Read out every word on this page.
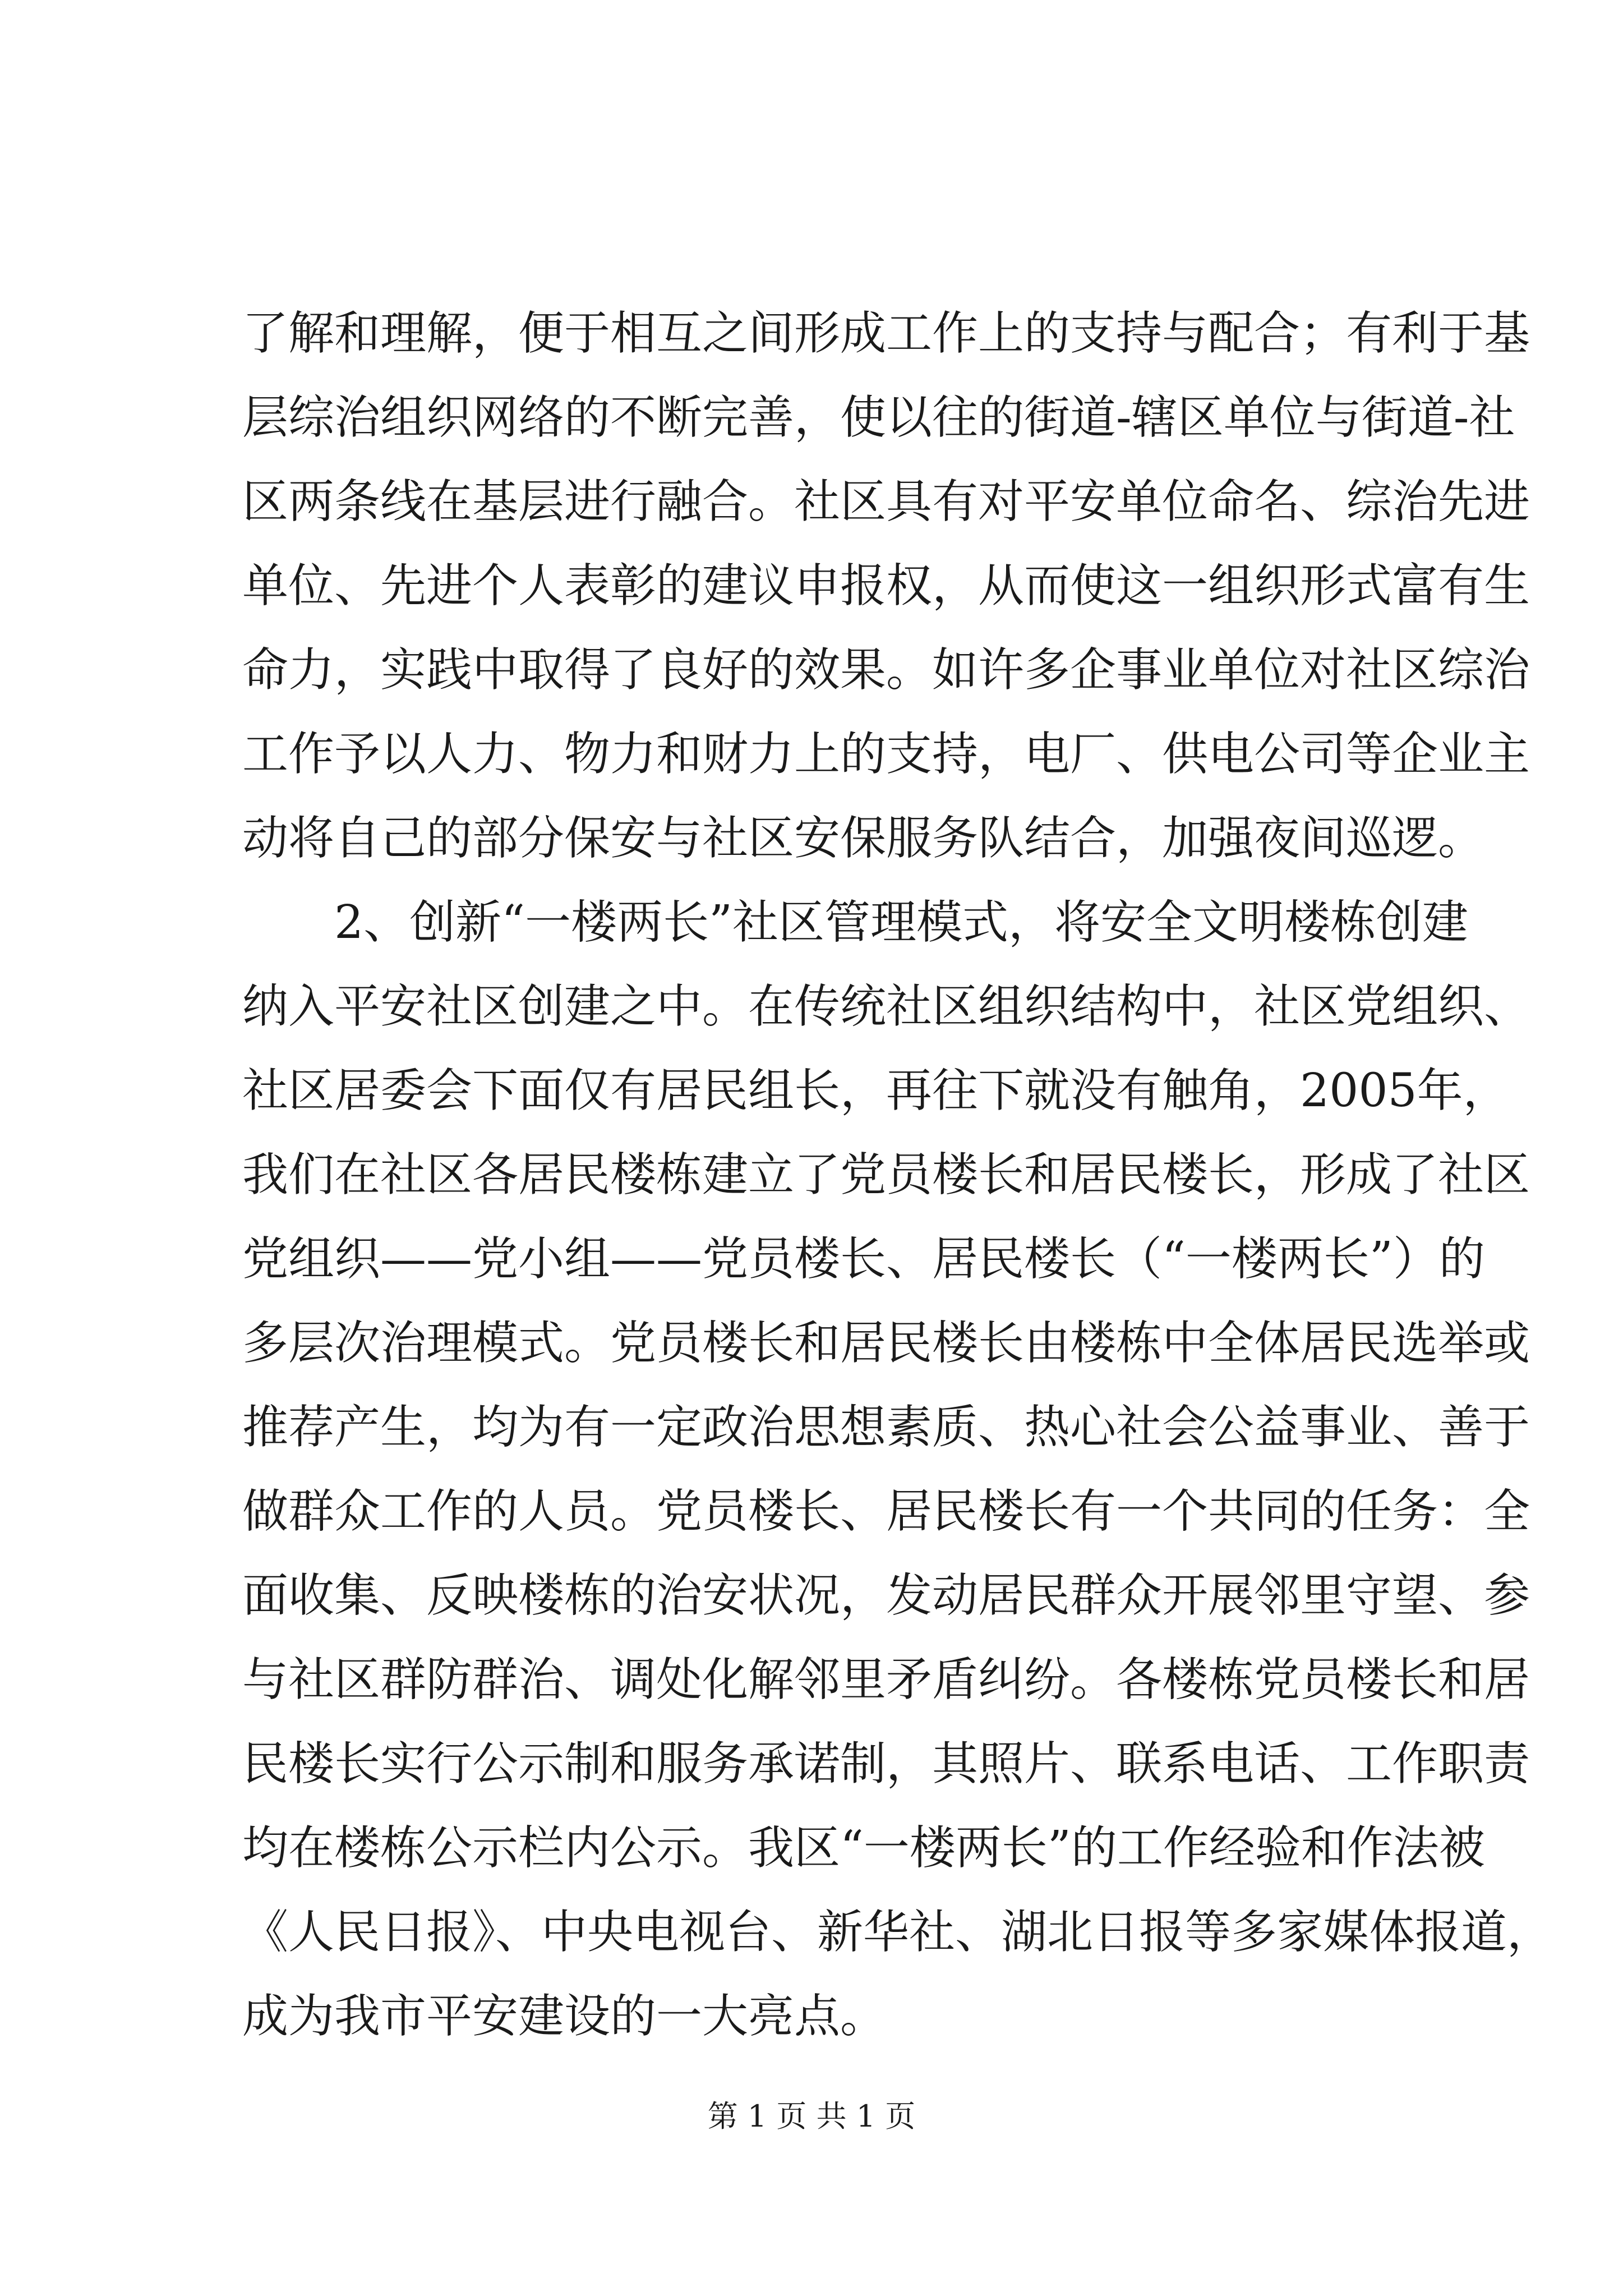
了解和理解，便于相互之间形成工作上的支持与配合；有利于基
层综治组织网络的不断完善，使以往的街道-辖区单位与街道-社
区两条线在基层进行融合。社区具有对平安单位命名、综治先进
单位、先进个人表彰的建议申报权，从而使这一组织形式富有生
命力，实践中取得了良好的效果。如许多企事业单位对社区综治
工作予以人力、物力和财力上的支持，电厂、供电公司等企业主
动将自己的部分保安与社区安保服务队结合，加强夜间巡逻。
　　2、创新“一楼两长”社区管理模式，将安全文明楼栋创建
纳入平安社区创建之中。在传统社区组织结构中，社区党组织、
社区居委会下面仅有居民组长，再往下就没有触角，2005年，
我们在社区各居民楼栋建立了党员楼长和居民楼长，形成了社区
党组织——党小组——党员楼长、居民楼长（“一楼两长”）的
多层次治理模式。党员楼长和居民楼长由楼栋中全体居民选举或
推荐产生，均为有一定政治思想素质、热心社会公益事业、善于
做群众工作的人员。党员楼长、居民楼长有一个共同的任务：全
面收集、反映楼栋的治安状况，发动居民群众开展邻里守望、参
与社区群防群治、调处化解邻里矛盾纠纷。各楼栋党员楼长和居
民楼长实行公示制和服务承诺制，其照片、联系电话、工作职责
均在楼栋公示栏内公示。我区“一楼两长”的工作经验和作法被
《人民日报》、中央电视台、新华社、湖北日报等多家媒体报道，
成为我市平安建设的一大亮点。
第 1 页 共 1 页
